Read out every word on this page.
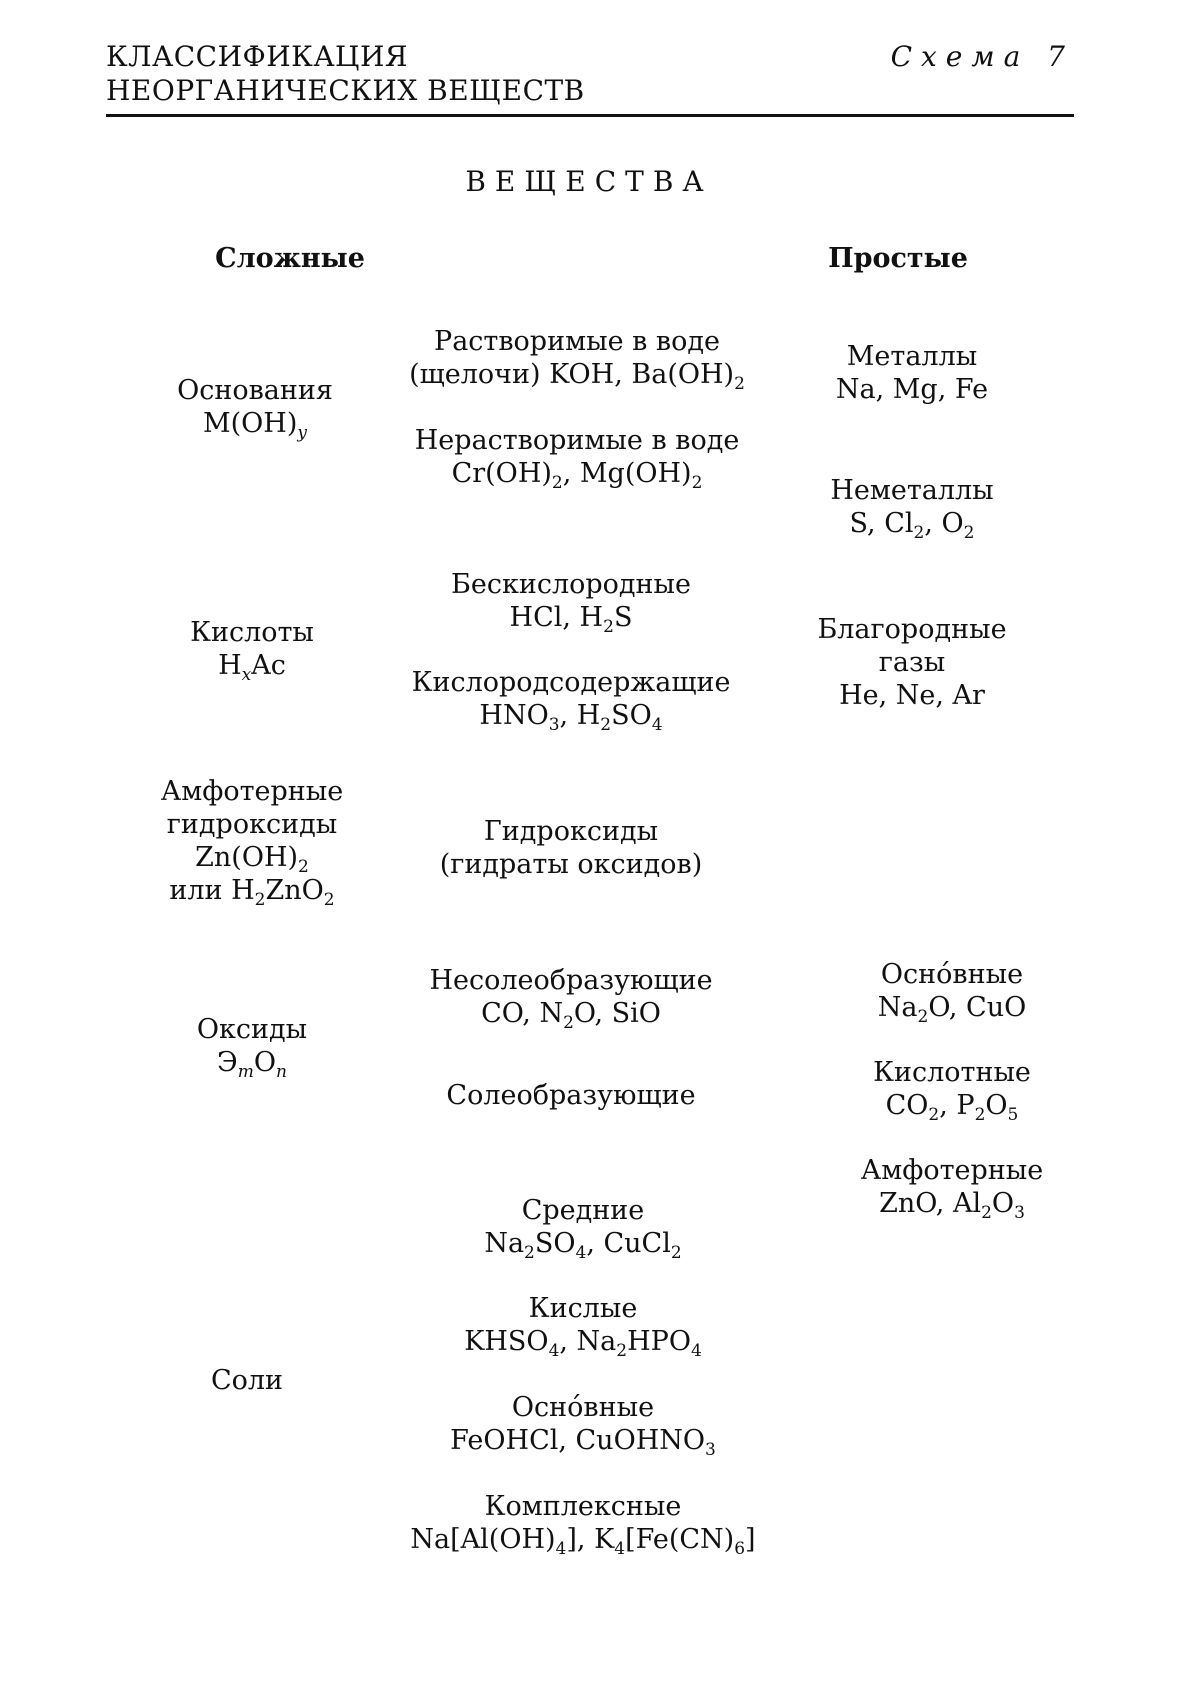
КЛАССИФИКАЦИЯ
НЕОРГАНИЧЕСКИХ ВЕЩЕСТВ
Схема 7
ВЕЩЕСТВА
Сложные	Простые
Основания
$M(OH)_y$
Растворимые в воде
(щелочи) KOH, $Ba(OH)_2$
Нерастворимые в воде
$Cr(OH)_2$, $Mg(OH)_2$
Металлы
Na, Mg, Fe
Неметаллы
S, $Cl_2$, $O_2$
Благородные
газы
He, Ne, Ar
Кислоты
$H_xAc$
Бескислородные
HCl, $H_2S$
Кислородсодержащие
$HNO_3$, $H_2SO_4$
Амфотерные
гидроксиды
$Zn(OH)_2$
или $H_2ZnO_2$
Гидроксиды
(гидраты оксидов)
Оксиды
$Э_mO_n$
Несолеобразующие
CO, $N_2O$, SiO
Солеобразующие
Осно́вные
$Na_2O$, CuO
Кислотные
$CO_2$, $P_2O_5$
Амфотерные
ZnO, $Al_2O_3$
Соли
Средние
$Na_2SO_4$, CuCl$_2$
Кислые
$KHSO_4$, $Na_2HPO_4$
Осно́вные
FeOHCl, CuOHNO$_3$
Комплексные
$Na[Al(OH)_4]$, $K_4[Fe(CN)_6]$
